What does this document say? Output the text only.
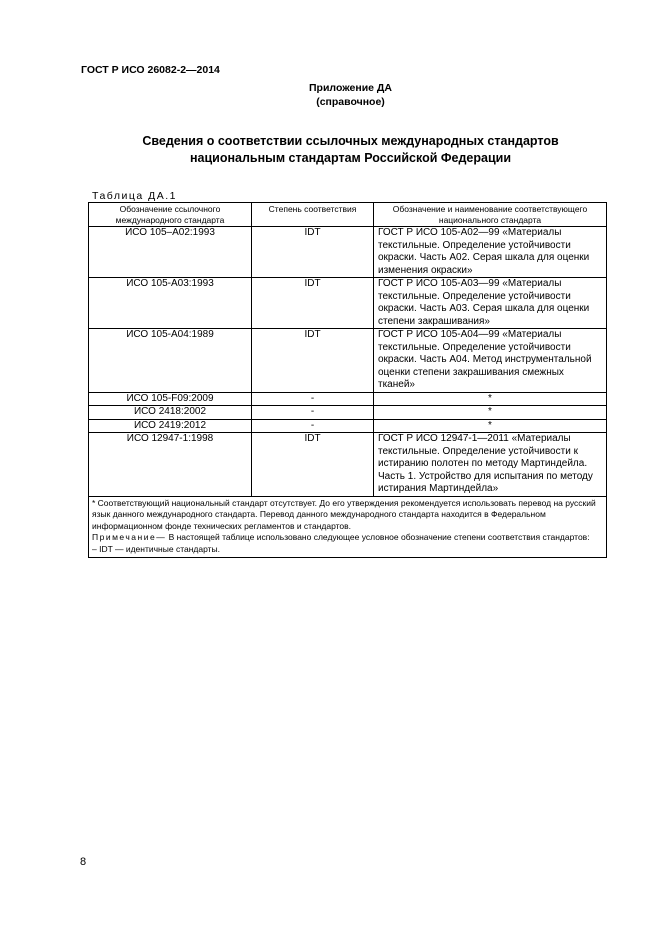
ГОСТ Р ИСО 26082-2—2014
Приложение ДА
(справочное)
Сведения о соответствии ссылочных международных стандартов
национальным стандартам Российской Федерации
Таблица ДА.1
Обозначение ссылочного международного стандарта	Степень соответствия	Обозначение и наименование соответствующего национального стандарта
ИСО 105–А02:1993	IDT	ГОСТ Р ИСО 105-А02—99 «Материалы текстильные. Определение устойчивости окраски. Часть А02. Серая шкала для оценки изменения окраски»
ИСО 105-А03:1993	IDT	ГОСТ Р ИСО 105-А03—99 «Материалы текстильные. Определение устойчивости окраски. Часть А03. Серая шкала для оценки степени закрашивания»
ИСО 105-А04:1989	IDT	ГОСТ Р ИСО 105-А04—99 «Материалы текстильные. Определение устойчивости окраски. Часть А04. Метод инструментальной оценки степени закрашивания смежных тканей»
ИСО 105-F09:2009	-	*
ИСО 2418:2002	-	*
ИСО 2419:2012	-	*
ИСО 12947-1:1998	IDT	ГОСТ Р ИСО 12947-1—2011 «Материалы текстильные. Определение устойчивости к истиранию полотен по методу Мартиндейла. Часть 1. Устройство для испытания по методу истирания Мартиндейла»

* Соответствующий национальный стандарт отсутствует. До его утверждения рекомендуется использовать перевод на русский язык данного международного стандарта. Перевод данного международного стандарта находится в Федеральном информационном фонде технических регламентов и стандартов.
Примечание— В настоящей таблице использовано следующее условное обозначение степени соответствия стандартов:
– IDT — идентичные стандарты.		
8
